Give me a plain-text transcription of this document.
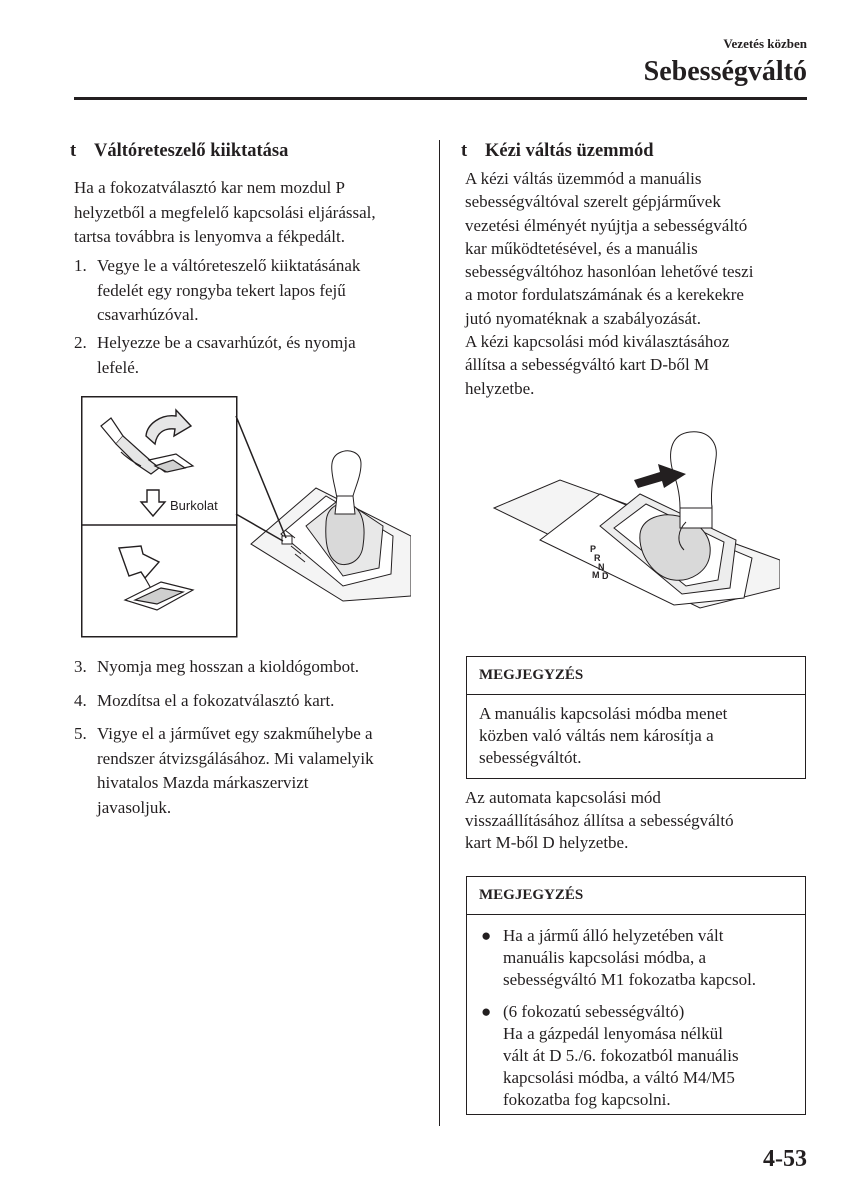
Vezetés közben
Sebességváltó
t Váltóreteszelő kiiktatása
Ha a fokozatválasztó kar nem mozdul P
helyzetből a megfelelő kapcsolási eljárással,
tartsa továbbra is lenyomva a fékpedált.
1. Vegye le a váltóreteszelő kiiktatásának
fedelét egy rongyba tekert lapos fejű
csavarhúzóval.
2. Helyezze be a csavarhúzót, és nyomja
lefelé.
Burkolat
3. Nyomja meg hosszan a kioldógombot.
4. Mozdítsa el a fokozatválasztó kart.
5. Vigye el a járművet egy szakműhelybe a
rendszer átvizsgálásához. Mi valamelyik
hivatalos Mazda márkaszervizt
javasoljuk.
t Kézi váltás üzemmód
A kézi váltás üzemmód a manuális
sebességváltóval szerelt gépjárművek
vezetési élményét nyújtja a sebességváltó
kar működtetésével, és a manuális
sebességváltóhoz hasonlóan lehetővé teszi
a motor fordulatszámának és a kerekekre
jutó nyomatéknak a szabályozását.
A kézi kapcsolási mód kiválasztásához
állítsa a sebességváltó kart D-ből M
helyzetbe.
P
R
N
D
M
MEGJEGYZÉS
A manuális kapcsolási módba menet
közben való váltás nem károsítja a
sebességváltót.
Az automata kapcsolási mód
visszaállításához állítsa a sebességváltó
kart M-ből D helyzetbe.
MEGJEGYZÉS
● Ha a jármű álló helyzetében vált
manuális kapcsolási módba, a
sebességváltó M1 fokozatba kapcsol.
● (6 fokozatú sebességváltó)
Ha a gázpedál lenyomása nélkül
vált át D 5./6. fokozatból manuális
kapcsolási módba, a váltó M4/M5
fokozatba fog kapcsolni.
4-53
